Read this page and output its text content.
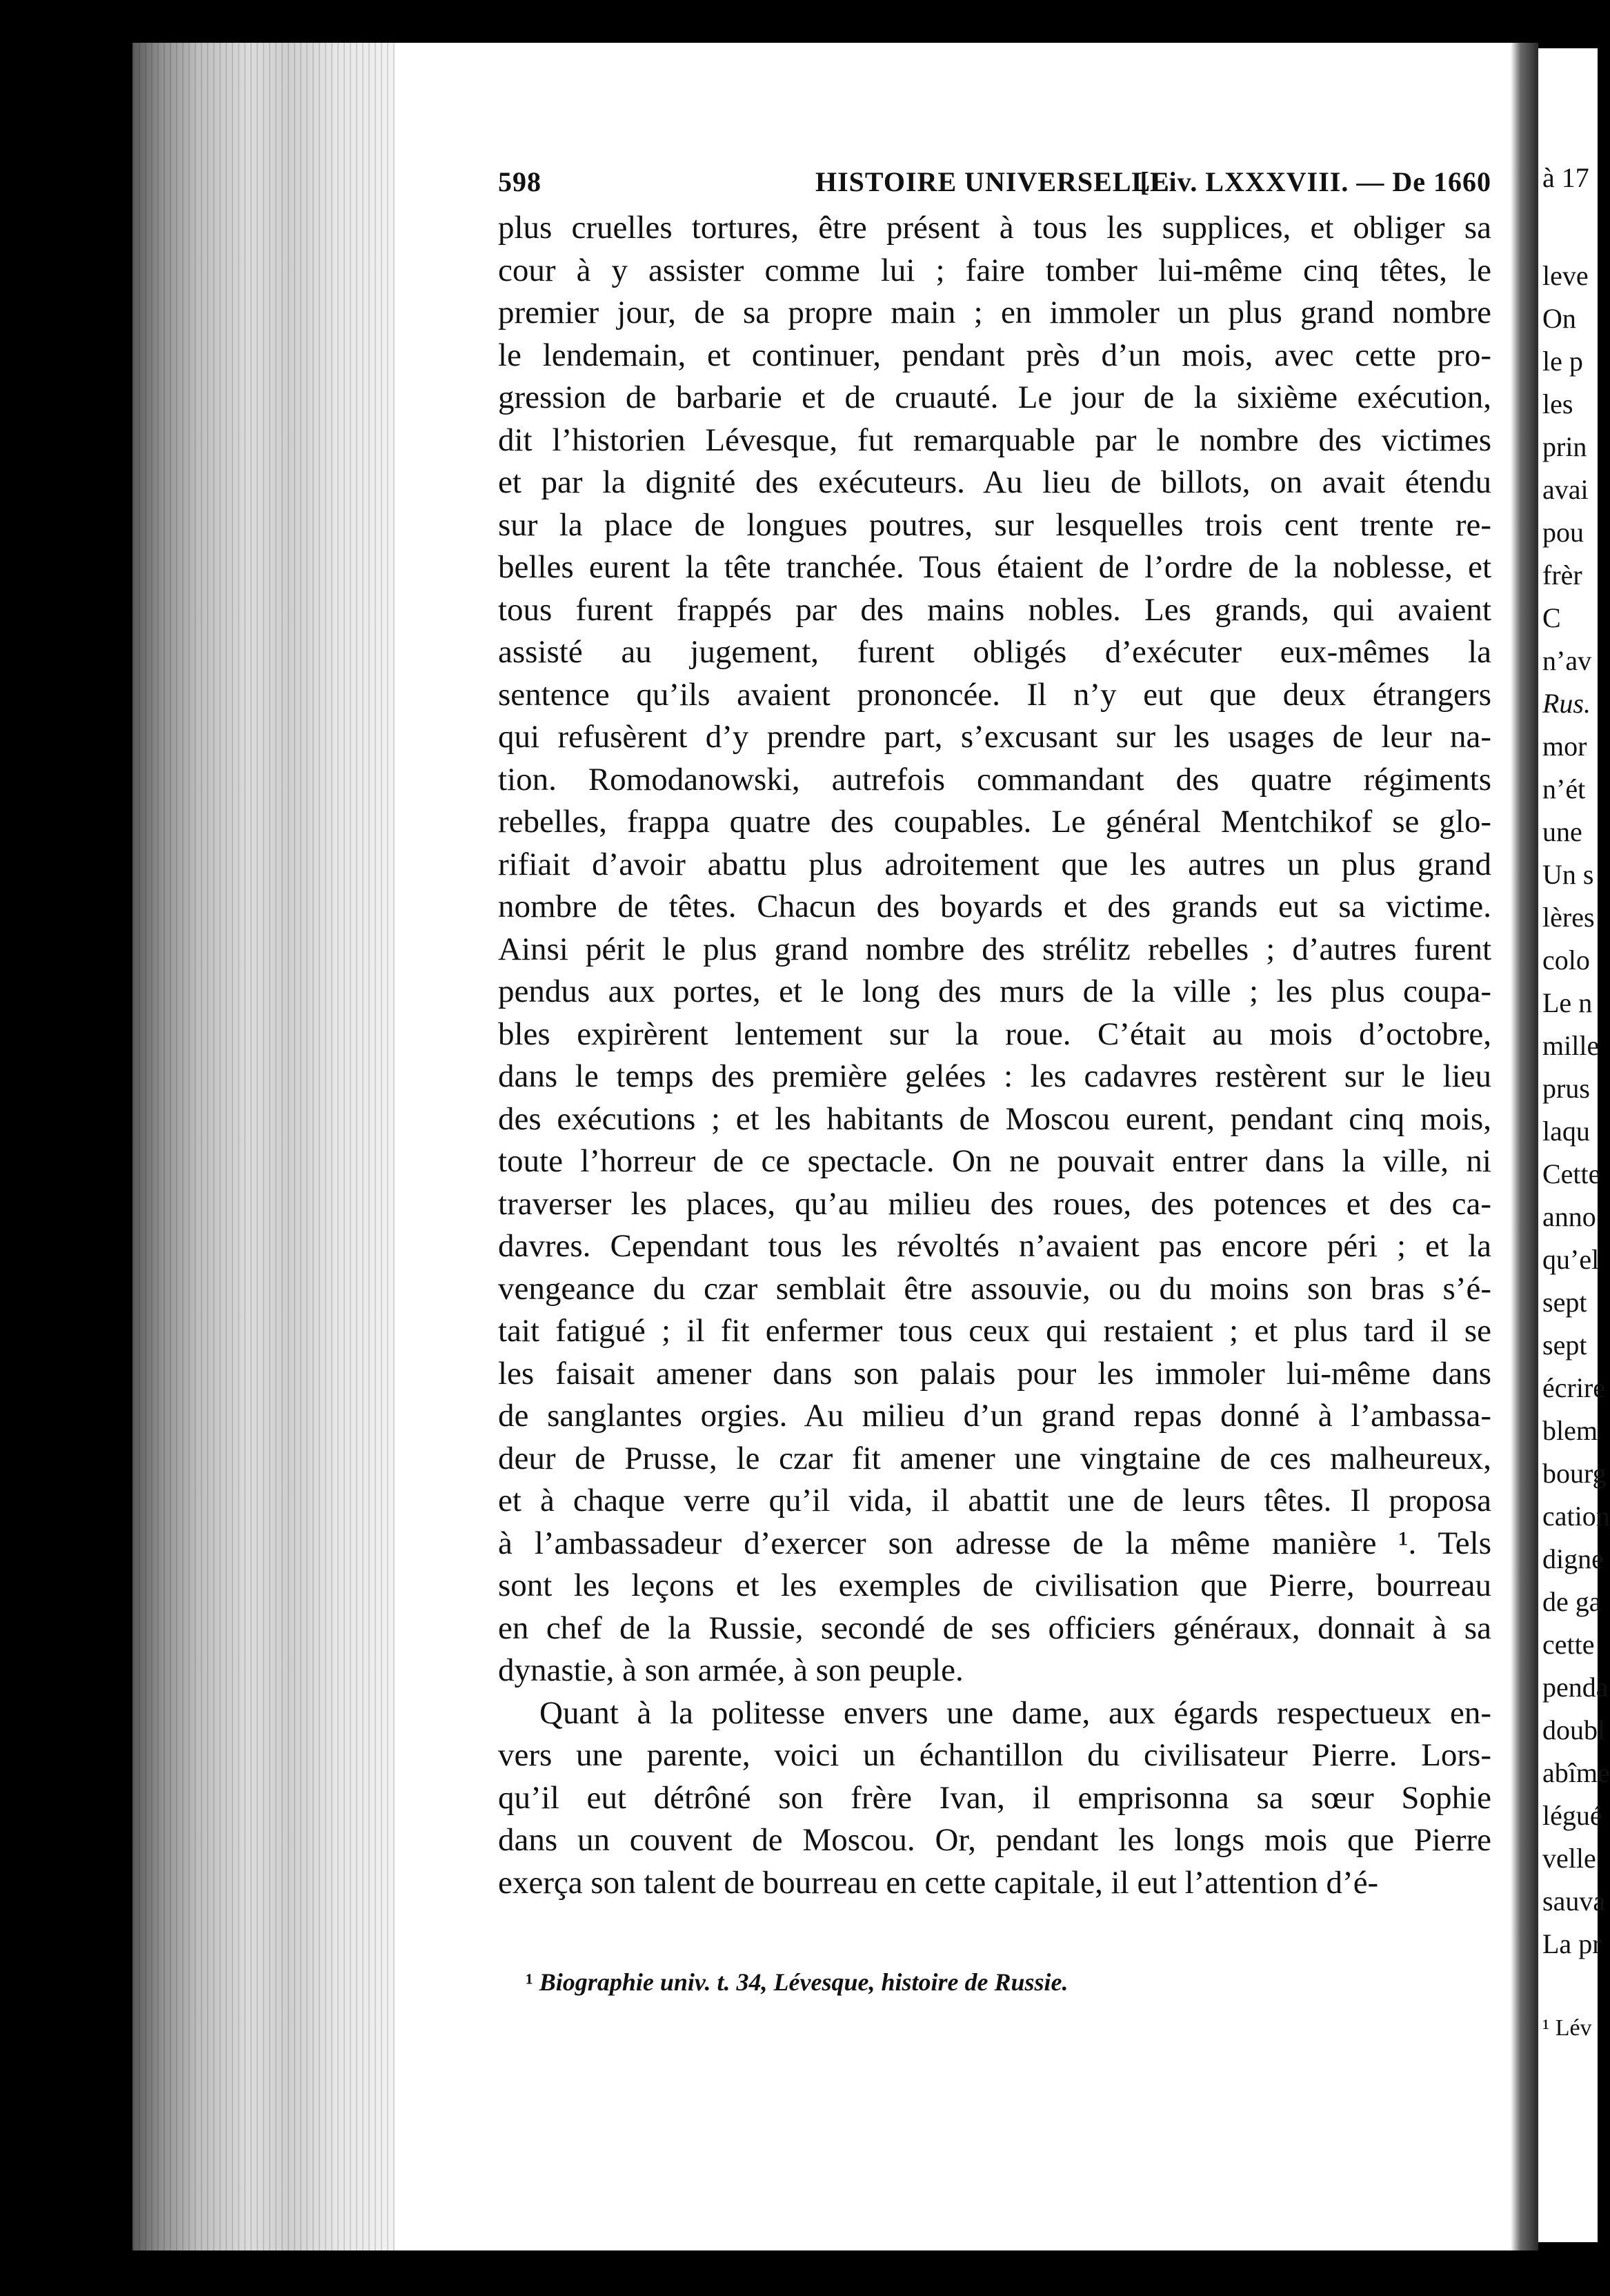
à 17
leve
On
le p
les
prin
avai
pou
frèr
C
n’av
Rus.
mor
n’ét
une
Un s
lères
colo
Le n
mille
prus
laqu
Cette
anno
qu’el
sept
sept
écrire
blem
bourg
cation
digne
de ga
cette
penda
doubl
abîme
légué
velle
sauva
La pr
¹ Lév
598	HISTOIRE UNIVERSELLE
[Liv. LXXXVIII. — De 1660

plus cruelles tortures, être présent à tous les supplices, et obliger sa
cour à y assister comme lui ; faire tomber lui-même cinq têtes, le
premier jour, de sa propre main ; en immoler un plus grand nombre
le lendemain, et continuer, pendant près d’un mois, avec cette pro-
gression de barbarie et de cruauté. Le jour de la sixième exécution,
dit l’historien Lévesque, fut remarquable par le nombre des victimes
et par la dignité des exécuteurs. Au lieu de billots, on avait étendu
sur la place de longues poutres, sur lesquelles trois cent trente re-
belles eurent la tête tranchée. Tous étaient de l’ordre de la noblesse, et
tous furent frappés par des mains nobles. Les grands, qui avaient
assisté au jugement, furent obligés d’exécuter eux-mêmes la
sentence qu’ils avaient prononcée. Il n’y eut que deux étrangers
qui refusèrent d’y prendre part, s’excusant sur les usages de leur na-
tion. Romodanowski, autrefois commandant des quatre régiments
rebelles, frappa quatre des coupables. Le général Mentchikof se glo-
rifiait d’avoir abattu plus adroitement que les autres un plus grand
nombre de têtes. Chacun des boyards et des grands eut sa victime.
Ainsi périt le plus grand nombre des strélitz rebelles ; d’autres furent
pendus aux portes, et le long des murs de la ville ; les plus coupa-
bles expirèrent lentement sur la roue. C’était au mois d’octobre,
dans le temps des première gelées : les cadavres restèrent sur le lieu
des exécutions ; et les habitants de Moscou eurent, pendant cinq mois,
toute l’horreur de ce spectacle. On ne pouvait entrer dans la ville, ni
traverser les places, qu’au milieu des roues, des potences et des ca-
davres. Cependant tous les révoltés n’avaient pas encore péri ; et la
vengeance du czar semblait être assouvie, ou du moins son bras s’é-
tait fatigué ; il fit enfermer tous ceux qui restaient ; et plus tard il se
les faisait amener dans son palais pour les immoler lui-même dans
de sanglantes orgies. Au milieu d’un grand repas donné à l’ambassa-
deur de Prusse, le czar fit amener une vingtaine de ces malheureux,
et à chaque verre qu’il vida, il abattit une de leurs têtes. Il proposa
à l’ambassadeur d’exercer son adresse de la même manière ¹. Tels
sont les leçons et les exemples de civilisation que Pierre, bourreau
en chef de la Russie, secondé de ses officiers généraux, donnait à sa
dynastie, à son armée, à son peuple.

Quant à la politesse envers une dame, aux égards respectueux en-
vers une parente, voici un échantillon du civilisateur Pierre. Lors-
qu’il eut détrôné son frère Ivan, il emprisonna sa sœur Sophie
dans un couvent de Moscou. Or, pendant les longs mois que Pierre
exerça son talent de bourreau en cette capitale, il eut l’attention d’é-

¹ Biographie univ. t. 34, Lévesque, histoire de Russie.
